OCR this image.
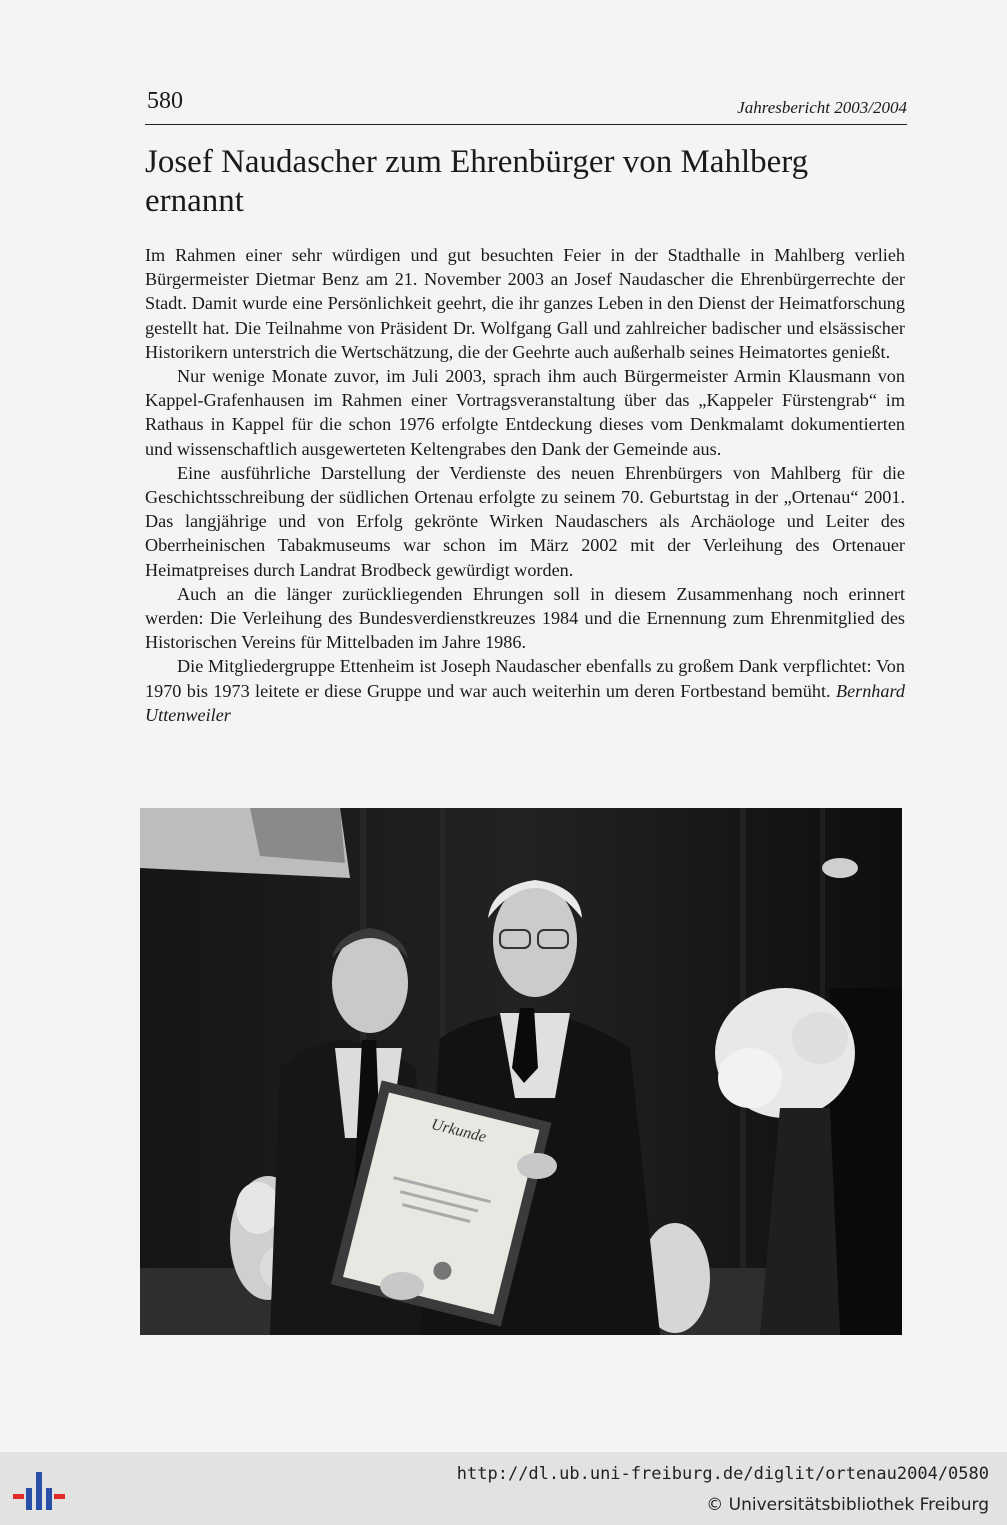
580	Jahresbericht 2003/2004
Josef Naudascher zum Ehrenbürger von Mahlberg ernannt

Im Rahmen einer sehr würdigen und gut besuchten Feier in der Stadthalle in Mahlberg verlieh Bürgermeister Dietmar Benz am 21. November 2003 an Josef Naudascher die Ehrenbürgerrechte der Stadt. Damit wurde eine Persönlichkeit geehrt, die ihr ganzes Leben in den Dienst der Heimatforschung gestellt hat. Die Teilnahme von Präsident Dr. Wolfgang Gall und zahlreicher badischer und elsässischer Historikern unterstrich die Wertschätzung, die der Geehrte auch außerhalb seines Heimatortes genießt.

Nur wenige Monate zuvor, im Juli 2003, sprach ihm auch Bürgermeister Armin Klausmann von Kappel-Grafenhausen im Rahmen einer Vortragsveranstaltung über das „Kappeler Fürstengrab“ im Rathaus in Kappel für die schon 1976 erfolgte Entdeckung dieses vom Denkmalamt dokumentierten und wissenschaftlich ausgewerteten Keltengrabes den Dank der Gemeinde aus.

Eine ausführliche Darstellung der Verdienste des neuen Ehrenbürgers von Mahlberg für die Geschichtsschreibung der südlichen Ortenau erfolgte zu seinem 70. Geburtstag in der „Ortenau“ 2001. Das langjährige und von Erfolg gekrönte Wirken Naudaschers als Archäologe und Leiter des Oberrheinischen Tabakmuseums war schon im März 2002 mit der Verleihung des Ortenauer Heimatpreises durch Landrat Brodbeck gewürdigt worden.

Auch an die länger zurückliegenden Ehrungen soll in diesem Zusammenhang noch erinnert werden: Die Verleihung des Bundesverdienstkreuzes 1984 und die Ernennung zum Ehrenmitglied des Historischen Vereins für Mittelbaden im Jahre 1986.

Die Mitgliedergruppe Ettenheim ist Joseph Naudascher ebenfalls zu großem Dank verpflichtet: Von 1970 bis 1973 leitete er diese Gruppe und war auch weiterhin um deren Fortbestand bemüht. Bernhard Uttenweiler

Urkunde
http://dl.ub.uni-freiburg.de/diglit/ortenau2004/0580
© Universitätsbibliothek Freiburg
